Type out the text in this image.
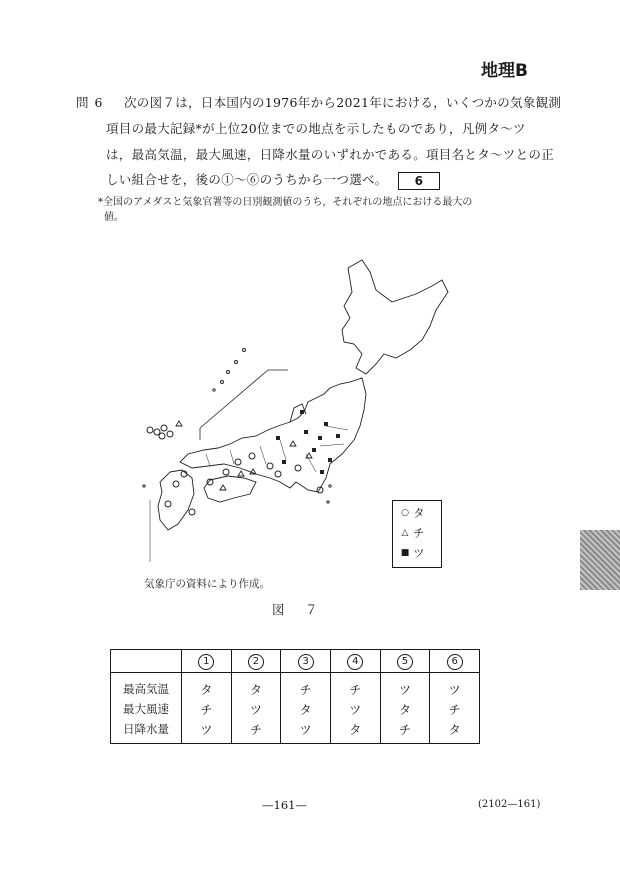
地理B
問 6 次の図７は，日本国内の1976年から2021年における，いくつかの気象観測
項目の最大記録*が上位20位までの地点を示したものであり，凡例タ～ツ
は，最高気温，最大風速，日降水量のいずれかである。項目名とタ～ツとの正
しい組合せを，後の①～⑥のうちから一つ選べ。 6
*全国のアメダスと気象官署等の日別観測値のうち，それぞれの地点における最大の
値。
○ タ
△ チ
■ ツ
気象庁の資料により作成。
図　７
	1	2	3	4	5	6
最高気温	タ	タ	チ	チ	ツ	ツ
最大風速	チ	ツ	タ	ツ	タ	チ
日降水量	ツ	チ	ツ	タ	チ	タ
—161—	(2102—161)
